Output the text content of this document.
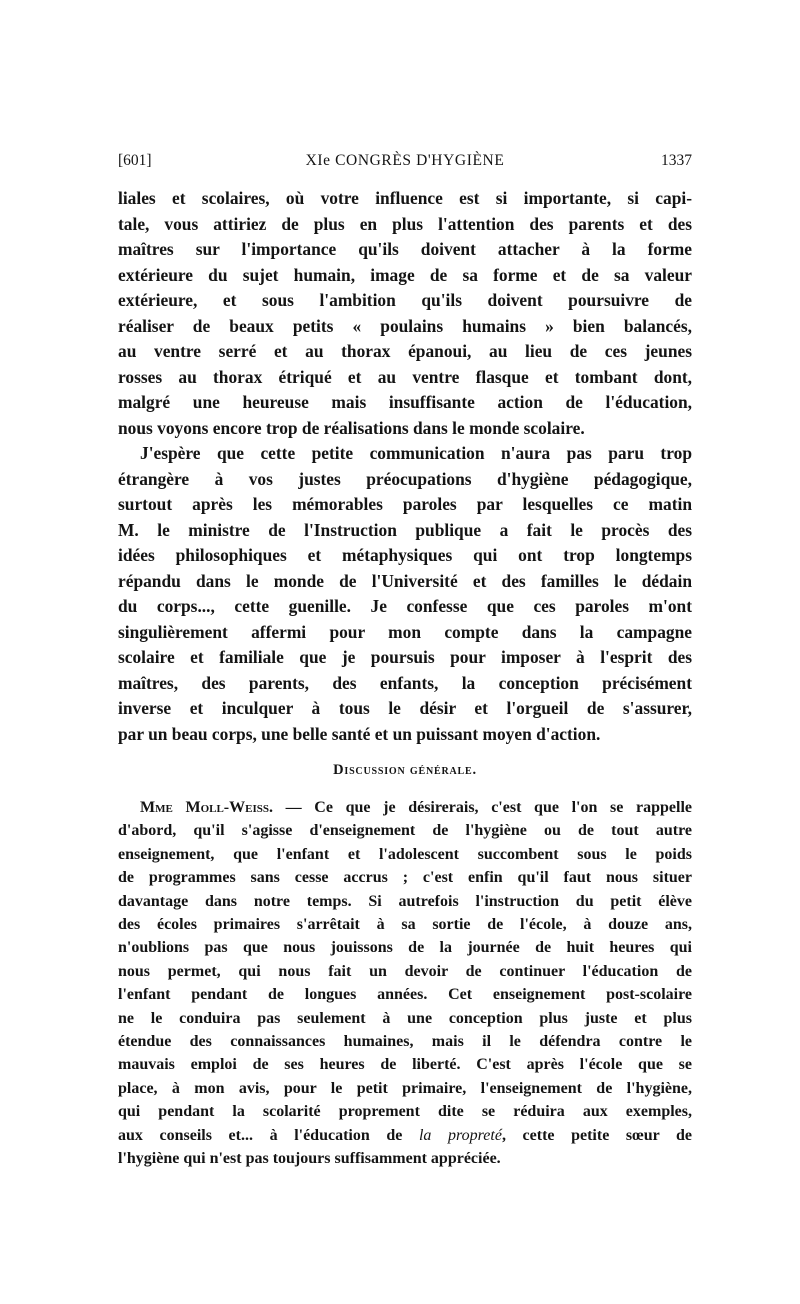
[601]	XIe CONGRÈS D'HYGIÈNE	1337
liales et scolaires, où votre influence est si importante, si capi-
tale, vous attiriez de plus en plus l'attention des parents et des
maîtres sur l'importance qu'ils doivent attacher à la forme
extérieure du sujet humain, image de sa forme et de sa valeur
extérieure, et sous l'ambition qu'ils doivent poursuivre de
réaliser de beaux petits « poulains humains » bien balancés,
au ventre serré et au thorax épanoui, au lieu de ces jeunes
rosses au thorax étriqué et au ventre flasque et tombant dont,
malgré une heureuse mais insuffisante action de l'éducation,
nous voyons encore trop de réalisations dans le monde scolaire.
J'espère que cette petite communication n'aura pas paru trop
étrangère à vos justes préocupations d'hygiène pédagogique,
surtout après les mémorables paroles par lesquelles ce matin
M. le ministre de l'Instruction publique a fait le procès des
idées philosophiques et métaphysiques qui ont trop longtemps
répandu dans le monde de l'Université et des familles le dédain
du corps..., cette guenille. Je confesse que ces paroles m'ont
singulièrement affermi pour mon compte dans la campagne
scolaire et familiale que je poursuis pour imposer à l'esprit des
maîtres, des parents, des enfants, la conception précisément
inverse et inculquer à tous le désir et l'orgueil de s'assurer,
par un beau corps, une belle santé et un puissant moyen d'action.
Discussion générale.
Mme Moll-Weiss. — Ce que je désirerais, c'est que l'on se rappelle
d'abord, qu'il s'agisse d'enseignement de l'hygiène ou de tout autre
enseignement, que l'enfant et l'adolescent succombent sous le poids
de programmes sans cesse accrus ; c'est enfin qu'il faut nous situer
davantage dans notre temps. Si autrefois l'instruction du petit élève
des écoles primaires s'arrêtait à sa sortie de l'école, à douze ans,
n'oublions pas que nous jouissons de la journée de huit heures qui
nous permet, qui nous fait un devoir de continuer l'éducation de
l'enfant pendant de longues années. Cet enseignement post-scolaire
ne le conduira pas seulement à une conception plus juste et plus
étendue des connaissances humaines, mais il le défendra contre le
mauvais emploi de ses heures de liberté. C'est après l'école que se
place, à mon avis, pour le petit primaire, l'enseignement de l'hygiène,
qui pendant la scolarité proprement dite se réduira aux exemples,
aux conseils et... à l'éducation de la propreté, cette petite sœur de
l'hygiène qui n'est pas toujours suffisamment appréciée.
